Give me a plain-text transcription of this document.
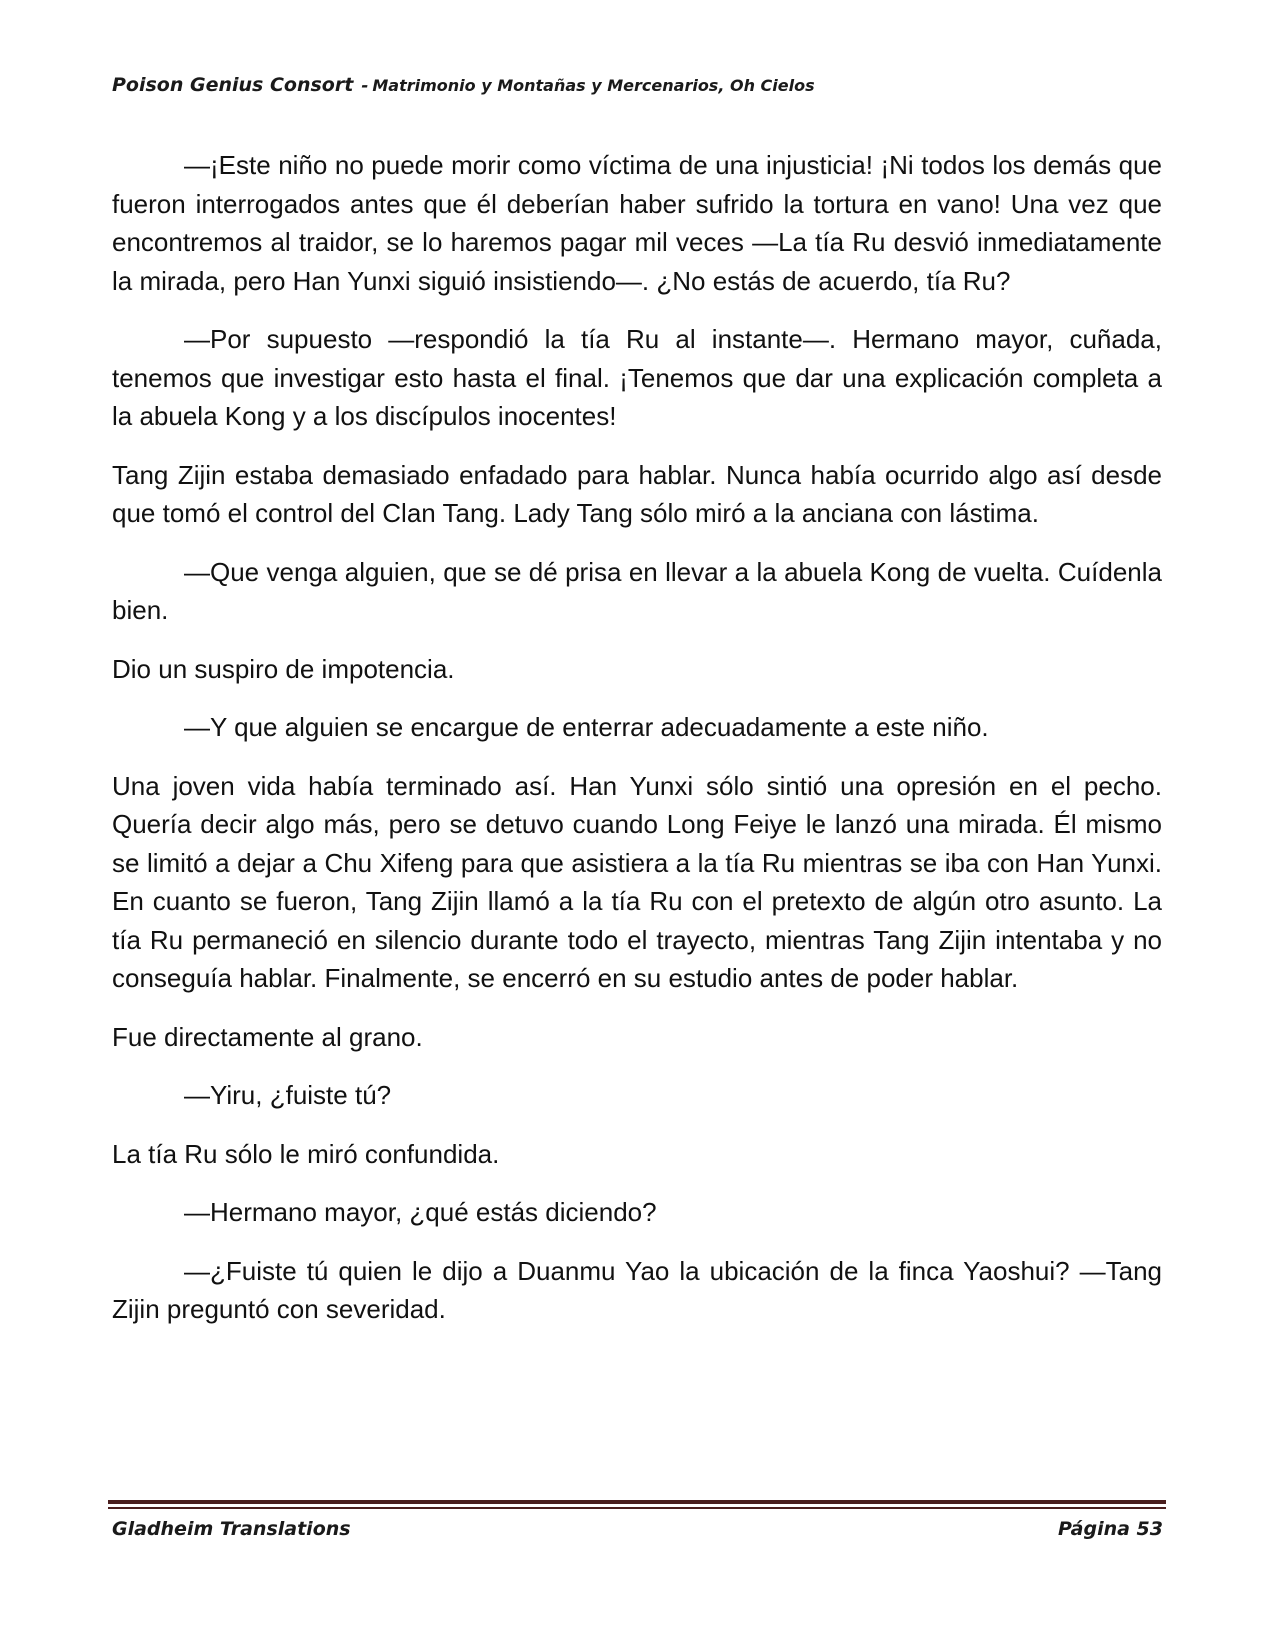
Poison Genius Consort - Matrimonio y Montañas y Mercenarios, Oh Cielos

—¡Este niño no puede morir como víctima de una injusticia! ¡Ni todos los demás que fueron interrogados antes que él deberían haber sufrido la tortura en vano! Una vez que encontremos al traidor, se lo haremos pagar mil veces —La tía Ru desvió inmediatamente la mirada, pero Han Yunxi siguió insistiendo—. ¿No estás de acuerdo, tía Ru?

—Por supuesto —respondió la tía Ru al instante—. Hermano mayor, cuñada, tenemos que investigar esto hasta el final. ¡Tenemos que dar una explicación completa a la abuela Kong y a los discípulos inocentes!

Tang Zijin estaba demasiado enfadado para hablar. Nunca había ocurrido algo así desde que tomó el control del Clan Tang. Lady Tang sólo miró a la anciana con lástima.

—Que venga alguien, que se dé prisa en llevar a la abuela Kong de vuelta. Cuídenla bien.

Dio un suspiro de impotencia.

—Y que alguien se encargue de enterrar adecuadamente a este niño.

Una joven vida había terminado así. Han Yunxi sólo sintió una opresión en el pecho. Quería decir algo más, pero se detuvo cuando Long Feiye le lanzó una mirada. Él mismo se limitó a dejar a Chu Xifeng para que asistiera a la tía Ru mientras se iba con Han Yunxi. En cuanto se fueron, Tang Zijin llamó a la tía Ru con el pretexto de algún otro asunto. La tía Ru permaneció en silencio durante todo el trayecto, mientras Tang Zijin intentaba y no conseguía hablar. Finalmente, se encerró en su estudio antes de poder hablar.

Fue directamente al grano.

—Yiru, ¿fuiste tú?

La tía Ru sólo le miró confundida.

—Hermano mayor, ¿qué estás diciendo?

—¿Fuiste tú quien le dijo a Duanmu Yao la ubicación de la finca Yaoshui? —Tang Zijin preguntó con severidad.

Gladheim Translations	Página 53
